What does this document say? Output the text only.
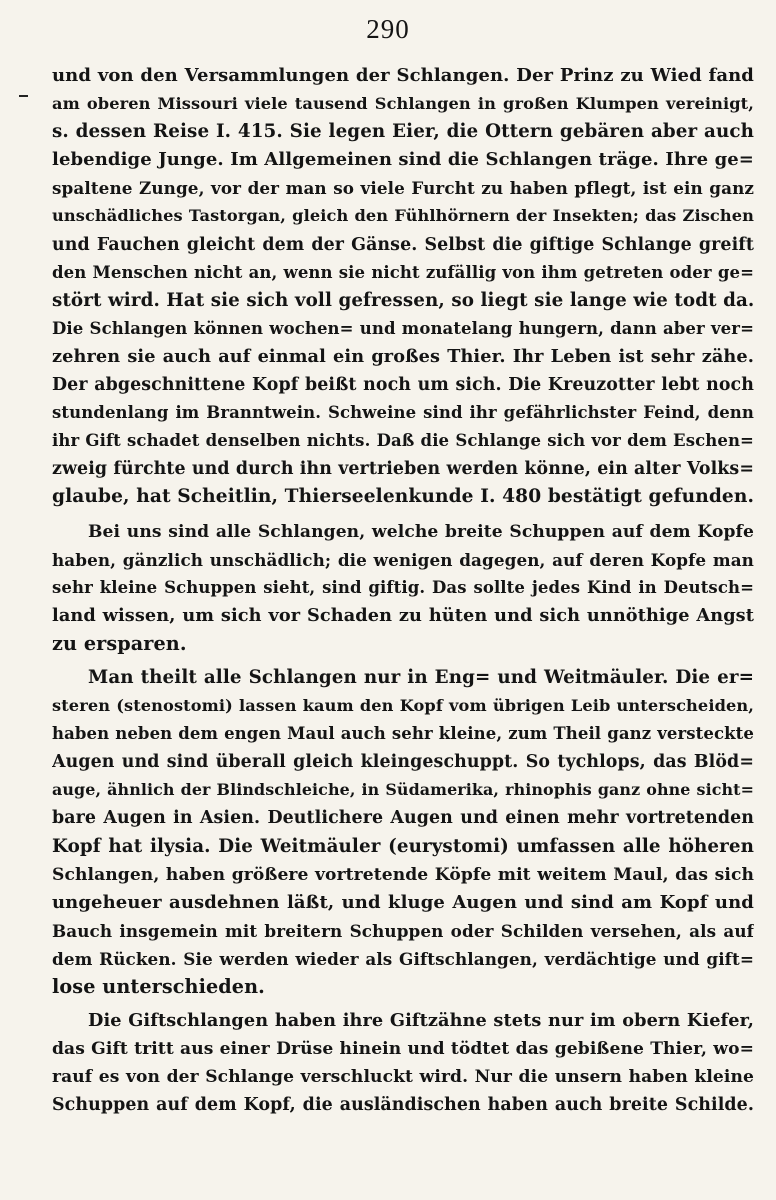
290
und von den Versammlungen der Schlangen. Der Prinz zu Wied fand
am oberen Missouri viele tausend Schlangen in großen Klumpen vereinigt,
s. dessen Reise I. 415. Sie legen Eier, die Ottern gebären aber auch
lebendige Junge. Im Allgemeinen sind die Schlangen träge. Ihre ge=
spaltene Zunge, vor der man so viele Furcht zu haben pflegt, ist ein ganz
unschädliches Tastorgan, gleich den Fühlhörnern der Insekten; das Zischen
und Fauchen gleicht dem der Gänse. Selbst die giftige Schlange greift
den Menschen nicht an, wenn sie nicht zufällig von ihm getreten oder ge=
stört wird. Hat sie sich voll gefressen, so liegt sie lange wie todt da.
Die Schlangen können wochen= und monatelang hungern, dann aber ver=
zehren sie auch auf einmal ein großes Thier. Ihr Leben ist sehr zähe.
Der abgeschnittene Kopf beißt noch um sich. Die Kreuzotter lebt noch
stundenlang im Branntwein. Schweine sind ihr gefährlichster Feind, denn
ihr Gift schadet denselben nichts. Daß die Schlange sich vor dem Eschen=
zweig fürchte und durch ihn vertrieben werden könne, ein alter Volks=
glaube, hat Scheitlin, Thierseelenkunde I. 480 bestätigt gefunden.
Bei uns sind alle Schlangen, welche breite Schuppen auf dem Kopfe
haben, gänzlich unschädlich; die wenigen dagegen, auf deren Kopfe man
sehr kleine Schuppen sieht, sind giftig. Das sollte jedes Kind in Deutsch=
land wissen, um sich vor Schaden zu hüten und sich unnöthige Angst
zu ersparen.
Man theilt alle Schlangen nur in Eng= und Weitmäuler. Die er=
steren (stenostomi) lassen kaum den Kopf vom übrigen Leib unterscheiden,
haben neben dem engen Maul auch sehr kleine, zum Theil ganz versteckte
Augen und sind überall gleich kleingeschuppt. So tychlops, das Blöd=
auge, ähnlich der Blindschleiche, in Südamerika, rhinophis ganz ohne sicht=
bare Augen in Asien. Deutlichere Augen und einen mehr vortretenden
Kopf hat ilysia. Die Weitmäuler (eurystomi) umfassen alle höheren
Schlangen, haben größere vortretende Köpfe mit weitem Maul, das sich
ungeheuer ausdehnen läßt, und kluge Augen und sind am Kopf und
Bauch insgemein mit breitern Schuppen oder Schilden versehen, als auf
dem Rücken. Sie werden wieder als Giftschlangen, verdächtige und gift=
lose unterschieden.
Die Giftschlangen haben ihre Giftzähne stets nur im obern Kiefer,
das Gift tritt aus einer Drüse hinein und tödtet das gebißene Thier, wo=
rauf es von der Schlange verschluckt wird. Nur die unsern haben kleine
Schuppen auf dem Kopf, die ausländischen haben auch breite Schilde.
